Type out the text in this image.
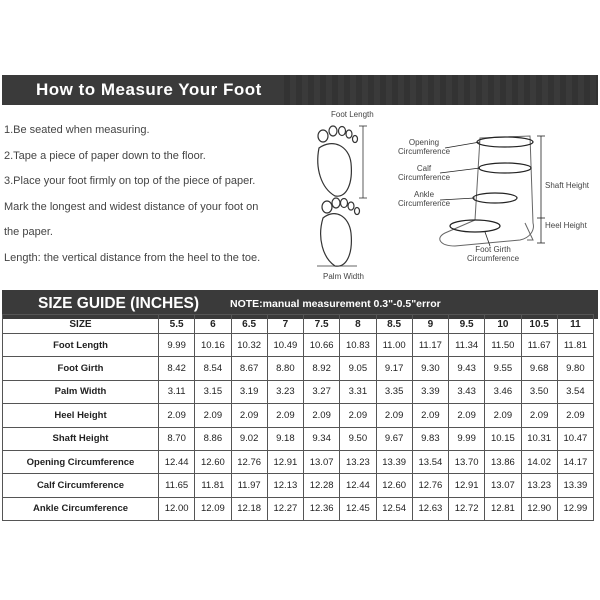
How to Measure Your Foot
1.Be seated when measuring.
2.Tape a piece of paper down to the floor.
3.Place your foot firmly on top of the piece of paper.
Mark the longest and widest distance of your foot on
the paper.
Length: the vertical distance from the heel to the toe.
Foot Length
Palm Width
Opening
Circumference
Calf
Circumference
Ankle
Circumference
Shaft Height
Heel Height
Foot Girth
Circumference
SIZE GUIDE (INCHES)	NOTE:manual measurement 0.3"-0.5"error
SIZE	5.5	6	6.5	7	7.5	8	8.5	9	9.5	10	10.5	11
Foot Length	9.99	10.16	10.32	10.49	10.66	10.83	11.00	11.17	11.34	11.50	11.67	11.81
Foot Girth	8.42	8.54	8.67	8.80	8.92	9.05	9.17	9.30	9.43	9.55	9.68	9.80
Palm Width	3.11	3.15	3.19	3.23	3.27	3.31	3.35	3.39	3.43	3.46	3.50	3.54
Heel Height	2.09	2.09	2.09	2.09	2.09	2.09	2.09	2.09	2.09	2.09	2.09	2.09
Shaft Height	8.70	8.86	9.02	9.18	9.34	9.50	9.67	9.83	9.99	10.15	10.31	10.47
Opening Circumference	12.44	12.60	12.76	12.91	13.07	13.23	13.39	13.54	13.70	13.86	14.02	14.17
Calf Circumference	11.65	11.81	11.97	12.13	12.28	12.44	12.60	12.76	12.91	13.07	13.23	13.39
Ankle Circumference	12.00	12.09	12.18	12.27	12.36	12.45	12.54	12.63	12.72	12.81	12.90	12.99
